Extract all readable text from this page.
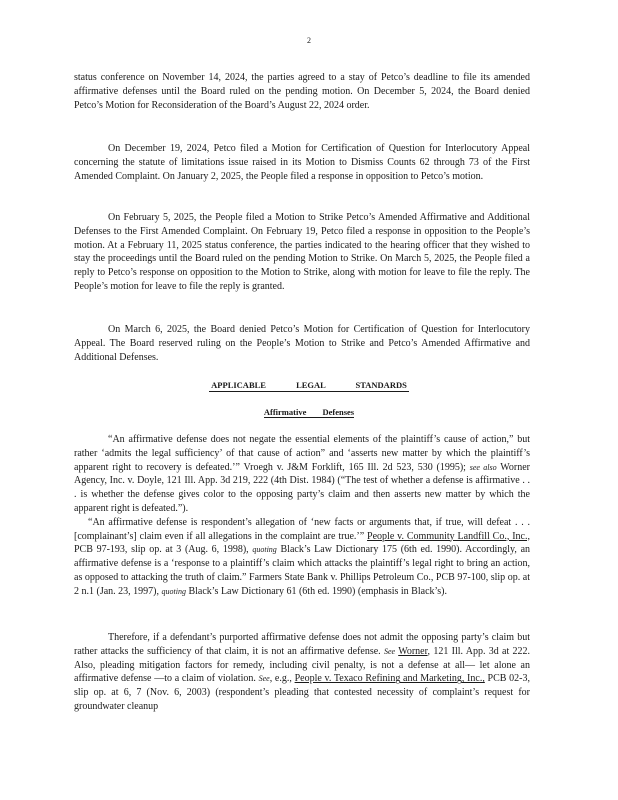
2

status conference on November 14, 2024, the parties agreed to a stay of Petco’s deadline to file its amended affirmative defenses until the Board ruled on the pending motion. On December 5, 2024, the Board denied Petco’s Motion for Reconsideration of the Board’s August 22, 2024 order.

On December 19, 2024, Petco filed a Motion for Certification of Question for Interlocutory Appeal concerning the statute of limitations issue raised in its Motion to Dismiss Counts 62 through 73 of the First Amended Complaint. On January 2, 2025, the People filed a response in opposition to Petco’s motion.

On February 5, 2025, the People filed a Motion to Strike Petco’s Amended Affirmative and Additional Defenses to the First Amended Complaint. On February 19, Petco filed a response in opposition to the People’s motion. At a February 11, 2025 status conference, the parties indicated to the hearing officer that they wished to stay the proceedings until the Board ruled on the pending Motion to Strike. On March 5, 2025, the People filed a reply to Petco’s response on opposition to the Motion to Strike, along with motion for leave to file the reply. The People’s motion for leave to file the reply is granted.

On March 6, 2025, the Board denied Petco’s Motion for Certification of Question for Interlocutory Appeal. The Board reserved ruling on the People’s Motion to Strike and Petco’s Amended Affirmative and Additional Defenses.

APPLICABLE LEGAL STANDARDS
Affirmative Defenses

“An affirmative defense does not negate the essential elements of the plaintiff’s cause of action,” but rather ‘admits the legal sufficiency’ of that cause of action” and ‘asserts new matter by which the plaintiff’s apparent right to recovery is defeated.’” Vroegh v. J&M Forklift, 165 Ill. 2d 523, 530 (1995); see also Worner Agency, Inc. v. Doyle, 121 Ill. App. 3d 219, 222 (4th Dist. 1984) (“The test of whether a defense is affirmative . . . is whether the defense gives color to the opposing party’s claim and then asserts new matter by which the apparent right is defeated.”).
“An affirmative defense is respondent’s allegation of ‘new facts or arguments that, if true, will defeat . . . [complainant’s] claim even if all allegations in the complaint are true.’” People v. Community Landfill Co., Inc., PCB 97-193, slip op. at 3 (Aug. 6, 1998), quoting Black’s Law Dictionary 175 (6th ed. 1990). Accordingly, an affirmative defense is a ‘response to a plaintiff’s claim which attacks the plaintiff’s legal right to bring an action, as opposed to attacking the truth of claim.” Farmers State Bank v. Phillips Petroleum Co., PCB 97-100, slip op. at 2 n.1 (Jan. 23, 1997), quoting Black’s Law Dictionary 61 (6th ed. 1990) (emphasis in Black’s).

Therefore, if a defendant’s purported affirmative defense does not admit the opposing party’s claim but rather attacks the sufficiency of that claim, it is not an affirmative defense. See Worner, 121 Ill. App. 3d at 222. Also, pleading mitigation factors for remedy, including civil penalty, is not a defense at all— let alone an affirmative defense —to a claim of violation. See, e.g., People v. Texaco Refining and Marketing, Inc., PCB 02-3, slip op. at 6, 7 (Nov. 6, 2003) (respondent’s pleading that contested necessity of complaint’s request for groundwater cleanup
